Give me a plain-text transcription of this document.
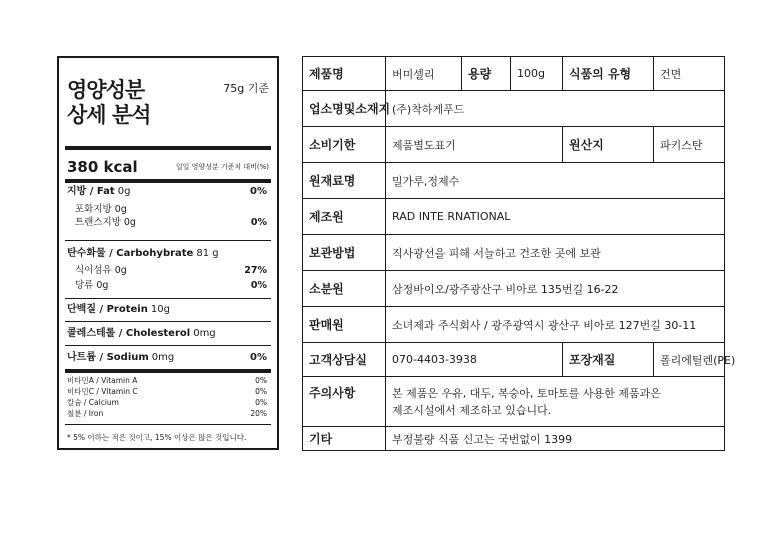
영양성분
상세 분석
75g 기준
380 kcal	일일 영양성분 기준치 대비(%)
지방 / Fat 0g	0%
포화지방 0g
트랜스지방 0g	0%
탄수화물 / Carbohybrate 81 g
식이섬유 0g	27%
당류 0g	0%
단백질 / Protein 10g
콜레스테롤 / Cholesterol 0mg
나트륨 / Sodium 0mg	0%
비타민A / Vitamin A	0%
비타민C / Vitamin C	0%
칼슘 / Calcium	0%
철분 / Iron	20%
* 5% 이하는 적은 것이고, 15% 이상은 많은 것입니다.
제품명	버미셀리	용량	100g	식품의 유형	건면
업소명및소재지	(주)착하게푸드				
소비기한	제품별도표기			원산지	파키스탄
원재료명	밀가루,정제수				
제조원	RAD INTE RNATIONAL				
보관방법	직사광선을 피해 서늘하고 건조한 곳에 보관				
소분원	삼정바이오/광주광산구 비아로 135번길 16-22				
판매원	소녀제과 주식회사 / 광주광역시 광산구 비아로 127번길 30-11				
고객상담실	070-4403-3938			포장재질	폴리에틸렌(PE)
주의사항	본 제품은 우유, 대두, 복숭아, 토마토를 사용한 제품과은
제조시설에서 제조하고 있습니다.				

기타	부정불량 식품 신고는 국번없이 1399				
